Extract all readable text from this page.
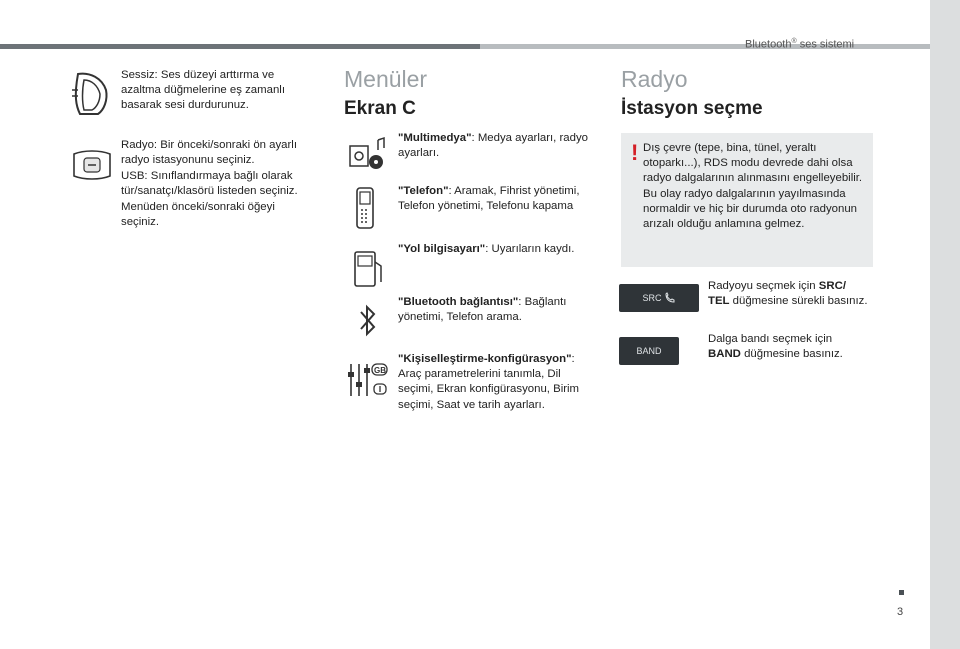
Bluetooth® ses sistemi
3
Sessiz: Ses düzeyi arttırma ve azaltma düğmelerine eş zamanlı basarak sesi durdurunuz.
Radyo: Bir önceki/sonraki ön ayarlı radyo istasyonunu seçiniz.
USB: Sınıflandırmaya bağlı olarak tür/sanatçı/klasörü listeden seçiniz.
Menüden önceki/sonraki öğeyi seçiniz.
Menüler
Ekran C
"Multimedya": Medya ayarları, radyo ayarları.
"Telefon": Aramak, Fihrist yönetimi, Telefon yönetimi, Telefonu kapama
"Yol bilgisayarı": Uyarıların kaydı.
"Bluetooth bağlantısı": Bağlantı yönetimi, Telefon arama.
GB
"Kişiselleştirme-konfigürasyon": Araç parametrelerini tanımla, Dil seçimi, Ekran konfigürasyonu, Birim seçimi, Saat ve tarih ayarları.
Radyo
İstasyon seçme
! Dış çevre (tepe, bina, tünel, yeraltı otoparkı...), RDS modu devrede dahi olsa radyo dalgalarının alınmasını engelleyebilir. Bu olay radyo dalgalarının yayılmasında normaldir ve hiç bir durumda oto radyonun arızalı olduğu anlamına gelmez.
SRC
Radyoyu seçmek için SRC/ TEL düğmesine sürekli basınız.
BAND
Dalga bandı seçmek için BAND düğmesine basınız.
